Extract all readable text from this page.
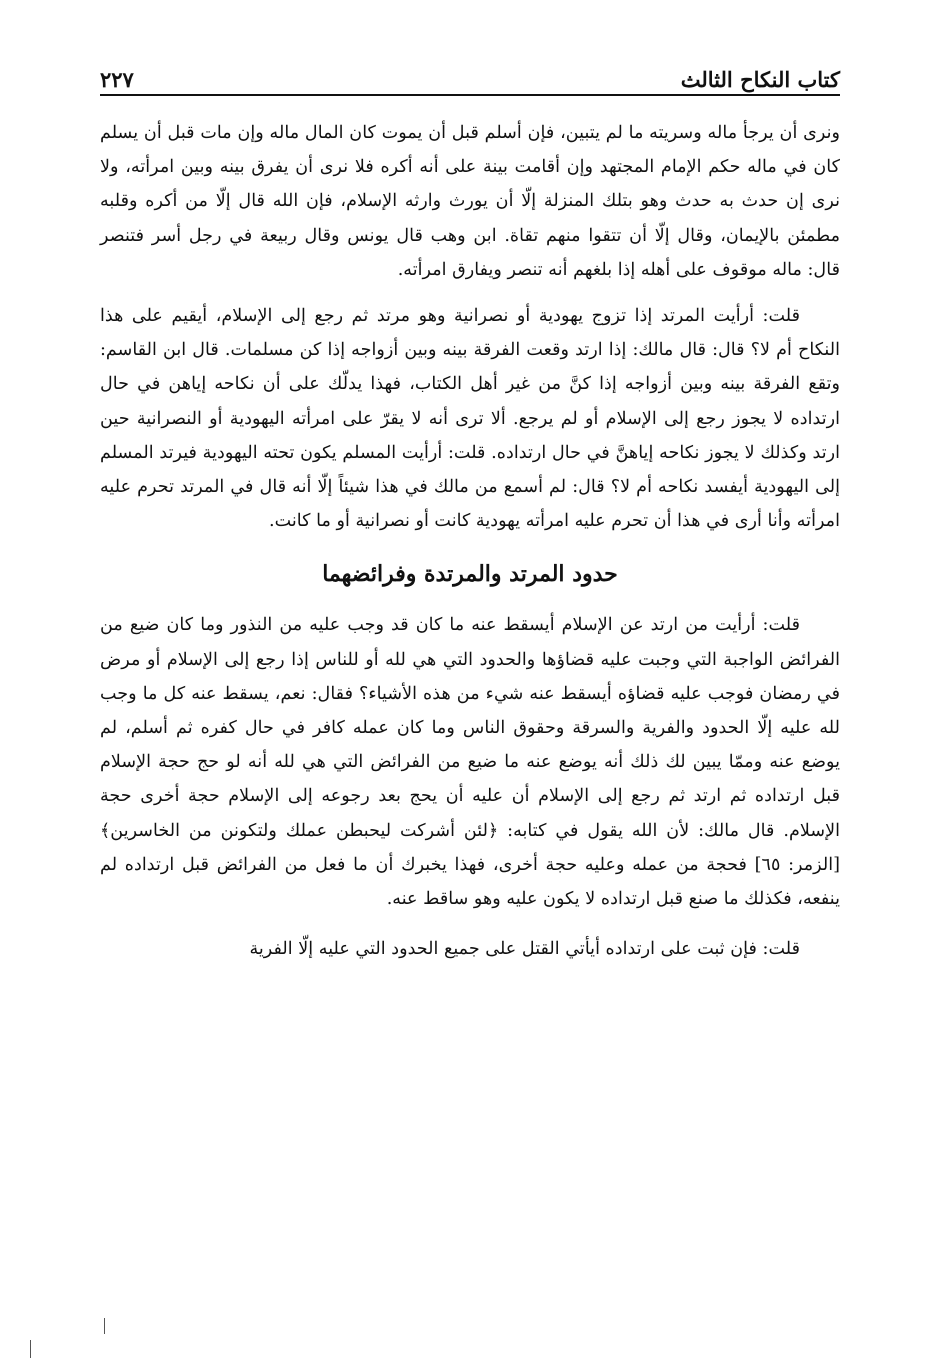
كتاب النكاح الثالث
٢٢٧

ونرى أن يرجأ ماله وسريته ما لم يتبين، فإن أسلم قبل أن يموت كان المال ماله وإن مات قبل أن يسلم كان في ماله حكم الإمام المجتهد وإن أقامت بينة على أنه أكره فلا نرى أن يفرق بينه وبين امرأته، ولا نرى إن حدث به حدث وهو بتلك المنزلة إلّا أن يورث وارثه الإسلام، فإن الله قال إلّا من أكره وقلبه مطمئن بالإيمان، وقال إلّا أن تتقوا منهم تقاة. ابن وهب قال يونس وقال ربيعة في رجل أسر فتنصر قال: ماله موقوف على أهله إذا بلغهم أنه تنصر ويفارق امرأته.

قلت: أرأيت المرتد إذا تزوج يهودية أو نصرانية وهو مرتد ثم رجع إلى الإسلام، أيقيم على هذا النكاح أم لا؟ قال: قال مالك: إذا ارتد وقعت الفرقة بينه وبين أزواجه إذا كن مسلمات. قال ابن القاسم: وتقع الفرقة بينه وبين أزواجه إذا كنَّ من غير أهل الكتاب، فهذا يدلّك على أن نكاحه إياهن في حال ارتداده لا يجوز رجع إلى الإسلام أو لم يرجع. ألا ترى أنه لا يقرّ على امرأته اليهودية أو النصرانية حين ارتد وكذلك لا يجوز نكاحه إياهنَّ في حال ارتداده. قلت: أرأيت المسلم يكون تحته اليهودية فيرتد المسلم إلى اليهودية أيفسد نكاحه أم لا؟ قال: لم أسمع من مالك في هذا شيئاً إلّا أنه قال في المرتد تحرم عليه امرأته وأنا أرى في هذا أن تحرم عليه امرأته يهودية كانت أو نصرانية أو ما كانت.

حدود المرتد والمرتدة وفرائضهما

قلت: أرأيت من ارتد عن الإسلام أيسقط عنه ما كان قد وجب عليه من النذور وما كان ضيع من الفرائض الواجبة التي وجبت عليه قضاؤها والحدود التي هي لله أو للناس إذا رجع إلى الإسلام أو مرض في رمضان فوجب عليه قضاؤه أيسقط عنه شيء من هذه الأشياء؟ فقال: نعم، يسقط عنه كل ما وجب لله عليه إلّا الحدود والفرية والسرقة وحقوق الناس وما كان عمله كافر في حال كفره ثم أسلم، لم يوضع عنه وممّا يبين لك ذلك أنه يوضع عنه ما ضيع من الفرائض التي هي لله أنه لو حج حجة الإسلام قبل ارتداده ثم ارتد ثم رجع إلى الإسلام أن عليه أن يحج بعد رجوعه إلى الإسلام حجة أخرى حجة الإسلام. قال مالك: لأن الله يقول في كتابه: ﴿لئن أشركت ليحبطن عملك ولتكونن من الخاسرين﴾ [الزمر: ٦٥] فحجة من عمله وعليه حجة أخرى، فهذا يخبرك أن ما فعل من الفرائض قبل ارتداده لم ينفعه، فكذلك ما صنع قبل ارتداده لا يكون عليه وهو ساقط عنه.

قلت: فإن ثبت على ارتداده أيأتي القتل على جميع الحدود التي عليه إلّا الفرية
